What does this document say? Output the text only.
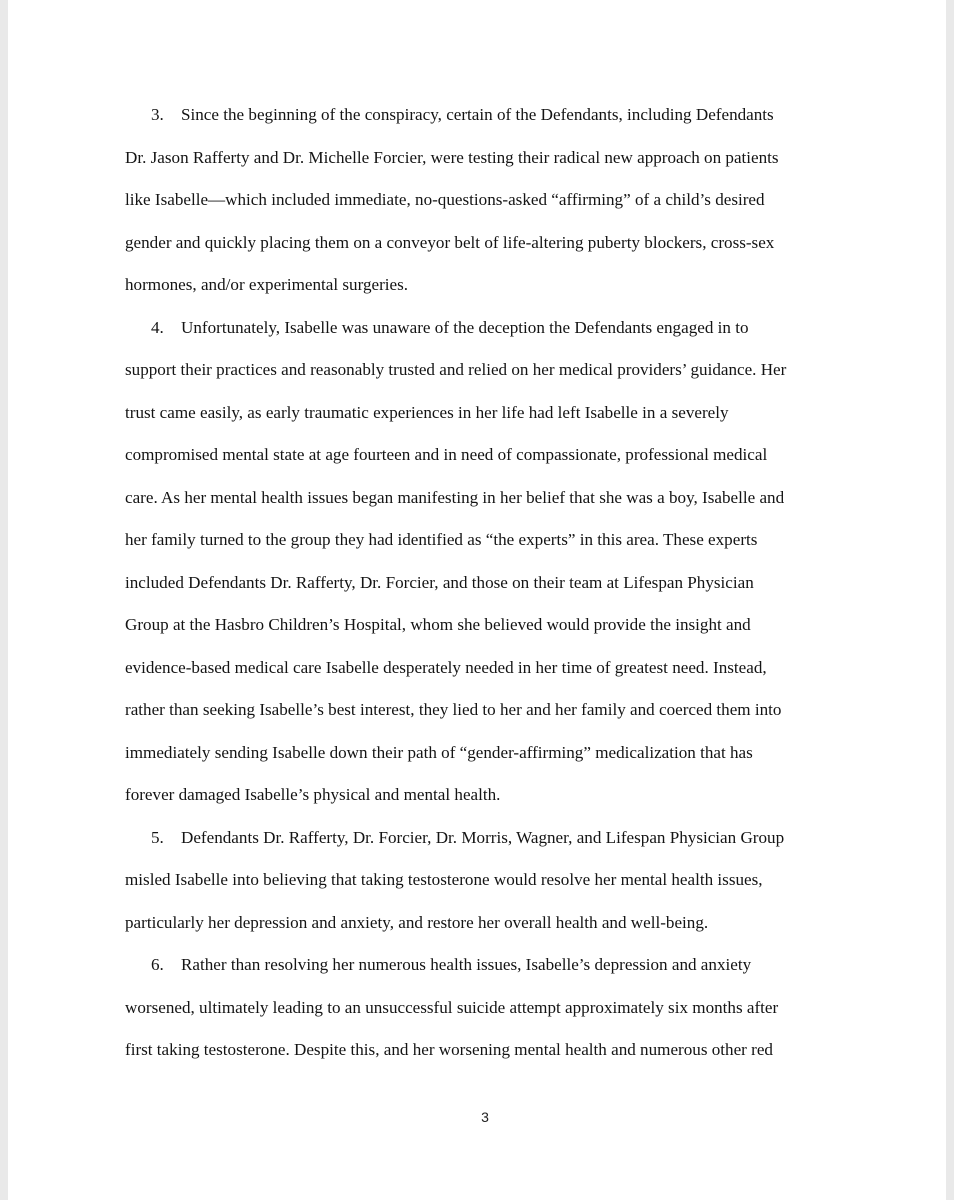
3. Since the beginning of the conspiracy, certain of the Defendants, including Defendants
Dr. Jason Rafferty and Dr. Michelle Forcier, were testing their radical new approach on patients
like Isabelle—which included immediate, no-questions-asked “affirming” of a child’s desired
gender and quickly placing them on a conveyor belt of life-altering puberty blockers, cross-sex
hormones, and/or experimental surgeries.

4. Unfortunately, Isabelle was unaware of the deception the Defendants engaged in to
support their practices and reasonably trusted and relied on her medical providers’ guidance. Her
trust came easily, as early traumatic experiences in her life had left Isabelle in a severely
compromised mental state at age fourteen and in need of compassionate, professional medical
care. As her mental health issues began manifesting in her belief that she was a boy, Isabelle and
her family turned to the group they had identified as “the experts” in this area. These experts
included Defendants Dr. Rafferty, Dr. Forcier, and those on their team at Lifespan Physician
Group at the Hasbro Children’s Hospital, whom she believed would provide the insight and
evidence-based medical care Isabelle desperately needed in her time of greatest need. Instead,
rather than seeking Isabelle’s best interest, they lied to her and her family and coerced them into
immediately sending Isabelle down their path of “gender-affirming” medicalization that has
forever damaged Isabelle’s physical and mental health.

5. Defendants Dr. Rafferty, Dr. Forcier, Dr. Morris, Wagner, and Lifespan Physician Group
misled Isabelle into believing that taking testosterone would resolve her mental health issues,
particularly her depression and anxiety, and restore her overall health and well-being.

6. Rather than resolving her numerous health issues, Isabelle’s depression and anxiety
worsened, ultimately leading to an unsuccessful suicide attempt approximately six months after
first taking testosterone. Despite this, and her worsening mental health and numerous other red

3
